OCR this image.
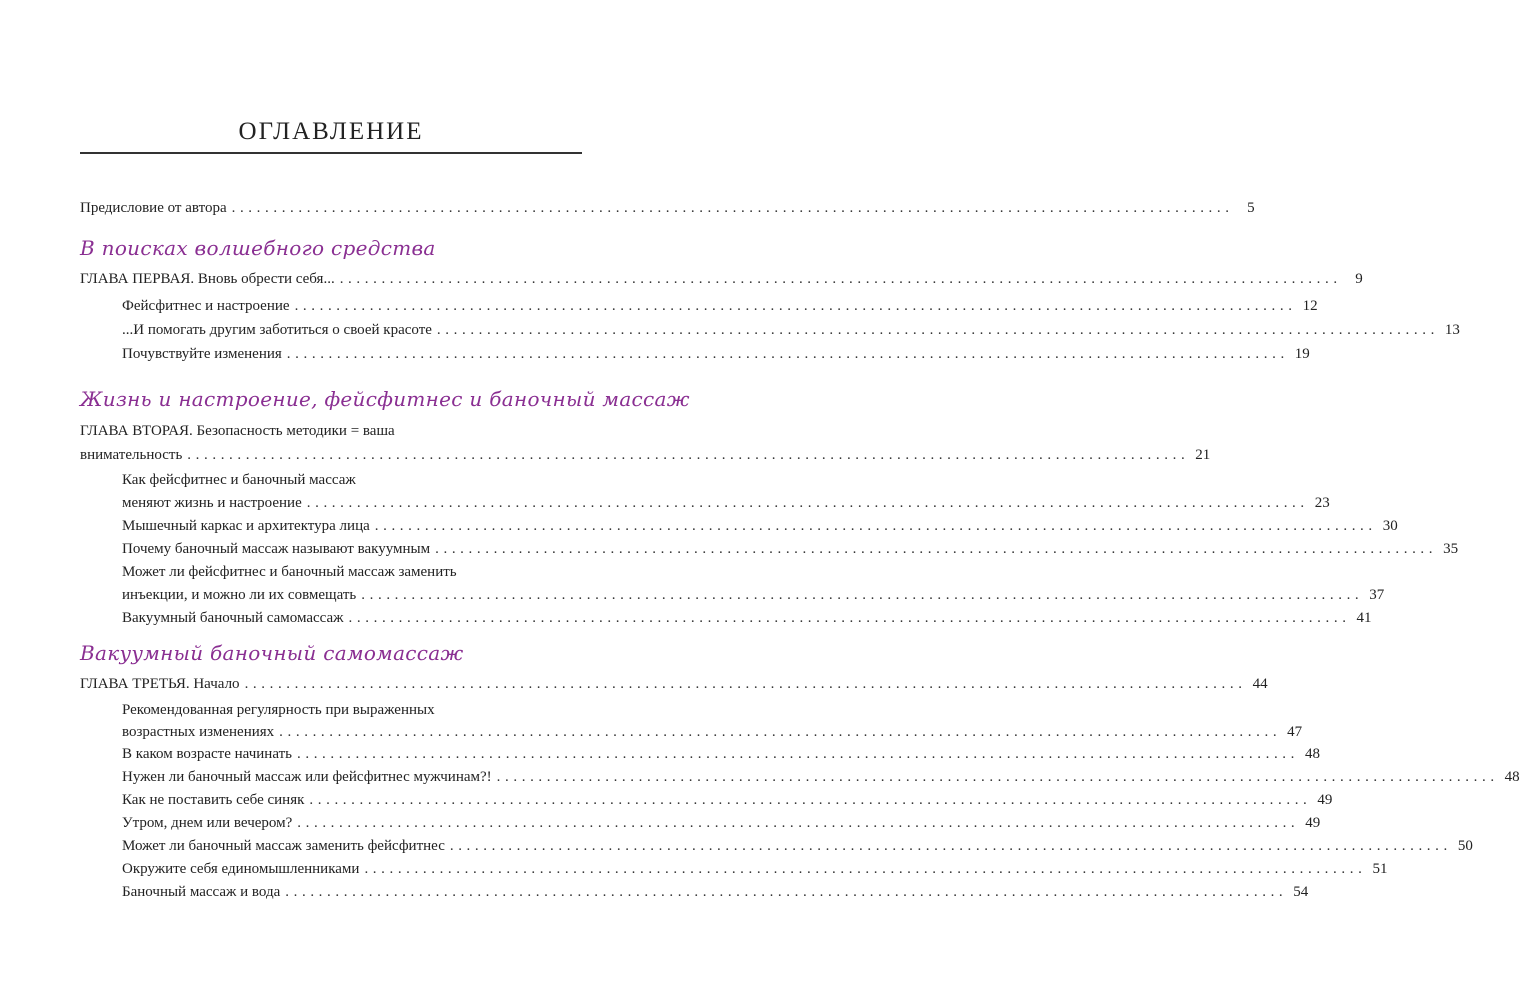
ОГЛАВЛЕНИЕ
Предисловие от автора ........................................................................................................................ 5
В поисках волшебного средства
ГЛАВА ПЕРВАЯ. Вновь обрести себя... ........................................................................................................................ 9
Фейсфитнес и настроение ........................................................................................................................ 12
...И помогать другим заботиться о своей красоте ........................................................................................................................ 13
Почувствуйте изменения ........................................................................................................................ 19
Жизнь и настроение, фейсфитнес и баночный массаж
ГЛАВА ВТОРАЯ. Безопасность методики = ваша
внимательность ........................................................................................................................ 21
Как фейсфитнес и баночный массаж
меняют жизнь и настроение ........................................................................................................................ 23
Мышечный каркас и архитектура лица ........................................................................................................................ 30
Почему баночный массаж называют вакуумным ........................................................................................................................ 35
Может ли фейсфитнес и баночный массаж заменить
инъекции, и можно ли их совмещать ........................................................................................................................ 37
Вакуумный баночный самомассаж ........................................................................................................................ 41
Вакуумный баночный самомассаж
ГЛАВА ТРЕТЬЯ. Начало ........................................................................................................................ 44
Рекомендованная регулярность при выраженных
возрастных изменениях ........................................................................................................................ 47
В каком возрасте начинать ........................................................................................................................ 48
Нужен ли баночный массаж или фейсфитнес мужчинам?! ........................................................................................................................ 48
Как не поставить себе синяк ........................................................................................................................ 49
Утром, днем или вечером? ........................................................................................................................ 49
Может ли баночный массаж заменить фейсфитнес ........................................................................................................................ 50
Окружите себя единомышленниками ........................................................................................................................ 51
Баночный массаж и вода ........................................................................................................................ 54
